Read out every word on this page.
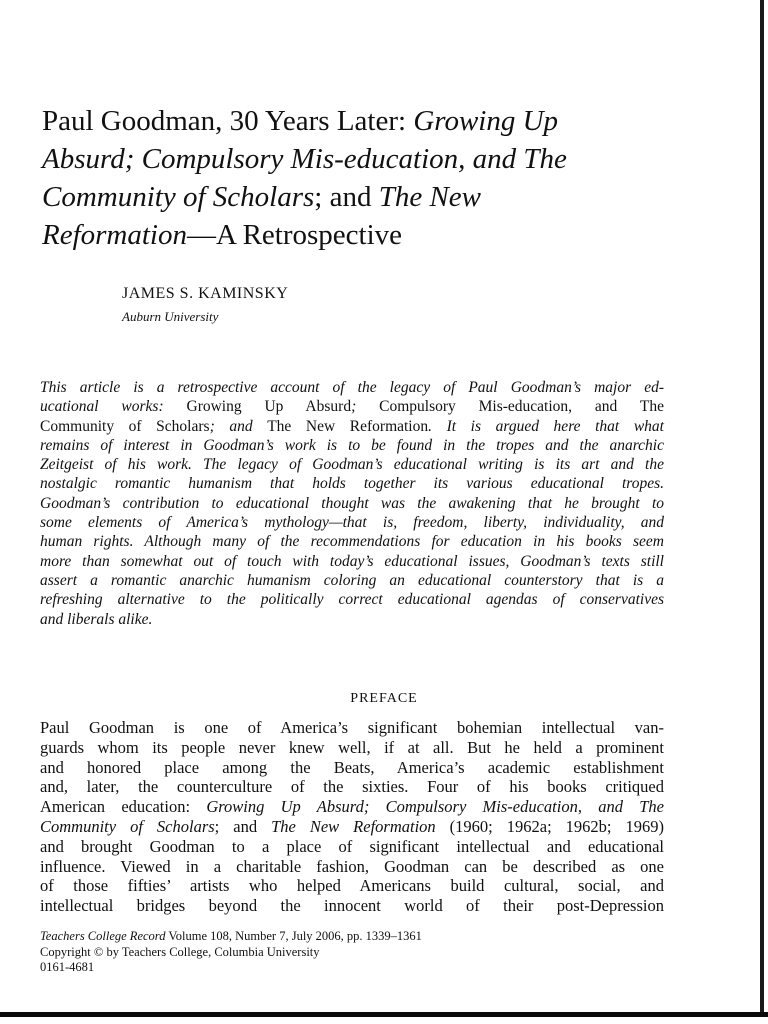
Paul Goodman, 30 Years Later: Growing Up
Absurd; Compulsory Mis-education, and The
Community of Scholars; and The New
Reformation—A Retrospective
JAMES S. KAMINSKY
Auburn University
This article is a retrospective account of the legacy of Paul Goodman’s major ed-
ucational works: Growing Up Absurd; Compulsory Mis-education, and The
Community of Scholars; and The New Reformation. It is argued here that what
remains of interest in Goodman’s work is to be found in the tropes and the anarchic
Zeitgeist of his work. The legacy of Goodman’s educational writing is its art and the
nostalgic romantic humanism that holds together its various educational tropes.
Goodman’s contribution to educational thought was the awakening that he brought to
some elements of America’s mythology—that is, freedom, liberty, individuality, and
human rights. Although many of the recommendations for education in his books seem
more than somewhat out of touch with today’s educational issues, Goodman’s texts still
assert a romantic anarchic humanism coloring an educational counterstory that is a
refreshing alternative to the politically correct educational agendas of conservatives
and liberals alike.
PREFACE
Paul Goodman is one of America’s significant bohemian intellectual van-
guards whom its people never knew well, if at all. But he held a prominent
and honored place among the Beats, America’s academic establishment
and, later, the counterculture of the sixties. Four of his books critiqued
American education: Growing Up Absurd; Compulsory Mis-education, and The
Community of Scholars; and The New Reformation (1960; 1962a; 1962b; 1969)
and brought Goodman to a place of significant intellectual and educational
influence. Viewed in a charitable fashion, Goodman can be described as one
of those fifties’ artists who helped Americans build cultural, social, and
intellectual bridges beyond the innocent world of their post-Depression
Teachers College Record Volume 108, Number 7, July 2006, pp. 1339–1361
Copyright © by Teachers College, Columbia University
0161-4681
